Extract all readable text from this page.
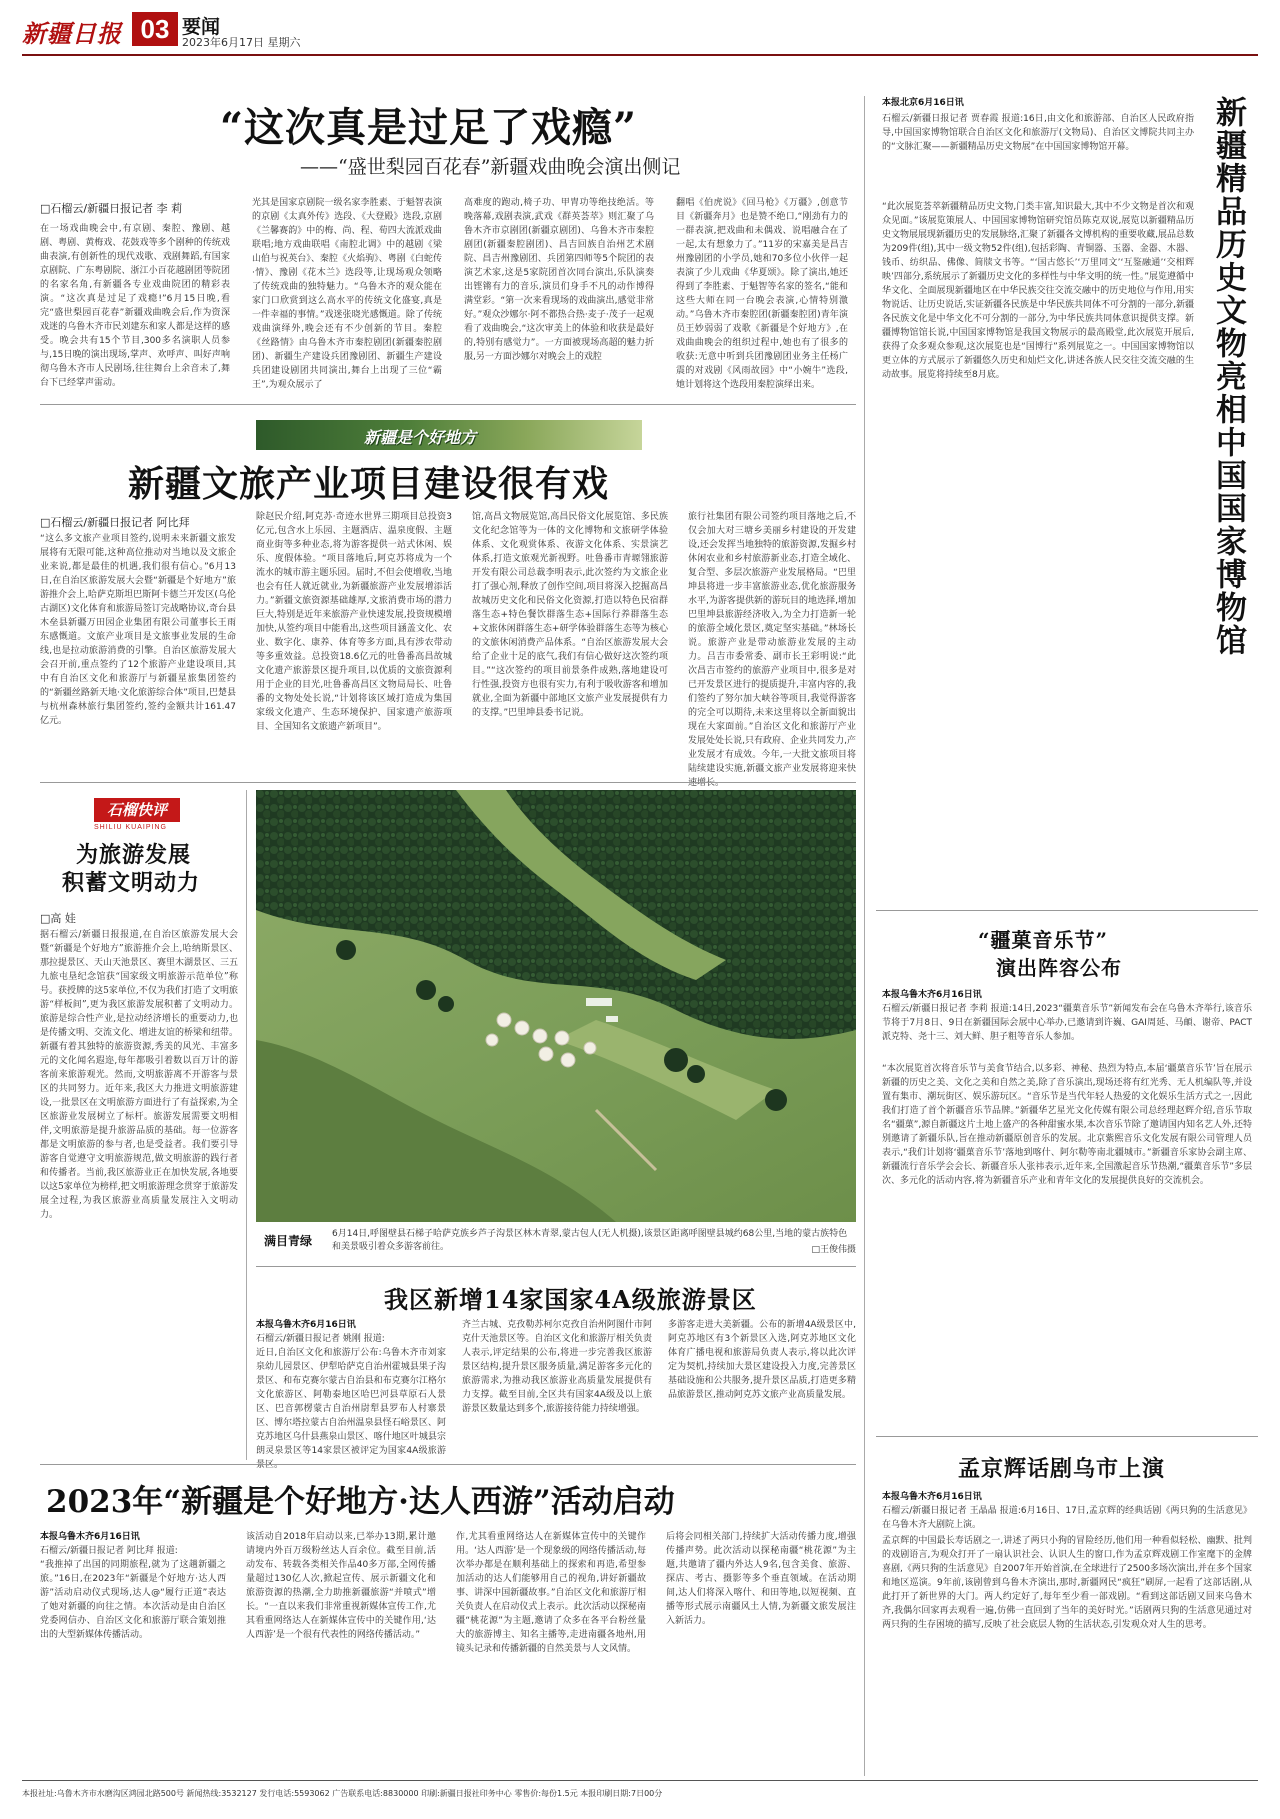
新疆日报 03 要闻
2023年6月17日 星期六
“这次真是过足了戏瘾”
——“盛世梨园百花春”新疆戏曲晚会演出侧记
□石榴云/新疆日报记者 李 莉
在一场戏曲晚会中,有京剧、秦腔、豫剧、越剧、粤剧、黄梅戏、花鼓戏等多个剧种的传统戏曲表演,有创新性的现代戏歌、戏剧舞蹈,有国家京剧院、广东粤剧院、浙江小百花越剧团等院团的名家名角,有新疆各专业戏曲院团的精彩表演。“这次真是过足了戏瘾!”6月15日晚,看完“盛世梨园百花春”新疆戏曲晚会后,作为资深戏迷的乌鲁木齐市民刘建东和家人都是这样的感受。晚会共有15个节目,300多名演职人员参与,15日晚的演出现场,掌声、欢呼声、叫好声响彻乌鲁木齐市人民剧场,往往舞台上余音未了,舞台下已经掌声雷动。
光其是国家京剧院一级名家李胜素、于魁智表演的京剧《太真外传》选段、《大登殿》选段,京剧《兰馨赛韵》中的梅、尚、程、荀四大流派戏曲联唱;地方戏曲联唱《南腔北调》中的越剧《梁山伯与祝英台》、秦腔《火焰驹》、粤剧《白蛇传·情》、豫剧《花木兰》选段等,让现场观众领略了传统戏曲的独特魅力。“乌鲁木齐的观众能在家门口欣赏到这么高水平的传统文化盛宴,真是一件幸福的事情。”戏迷张晓光感慨道。除了传统戏曲演绎外,晚会还有不少创新的节目。秦腔《丝路情》由乌鲁木齐市秦腔剧团(新疆秦腔剧团)、新疆生产建设兵团豫剧团、新疆生产建设兵团建设剧团共同演出,舞台上出现了三位“霸王”,为观众展示了
高难度的跑动,椅子功、甲胄功等绝技绝活。等晚落幕,戏剧表演,武戏《群英荟萃》则汇聚了乌鲁木齐市京剧团(新疆京剧团)、乌鲁木齐市秦腔剧团(新疆秦腔剧团)、昌吉回族自治州艺术剧院、昌吉州豫剧团、兵团第四师等5个院团的表演艺术家,这是5家院团首次同台演出,乐队演奏出铿锵有力的音乐,演员们身手不凡的动作博得满堂彩。“第一次来看现场的戏曲演出,感觉非常好。”观众沙娜尔·阿不都热合热·麦子·茂子一起观看了戏曲晚会,“这次审美上的体验和收获是最好的,特别有感觉力”。一方面被现场高超的魅力折服,另一方面沙娜尔对晚会上的戏腔
翻唱《伯虎说》《回马枪》《万疆》,创意节目《新疆奔月》也是赞不绝口,“刚劲有力的一群表演,把戏曲和未偶戏、说唱融合在了一起,太有想象力了。”11岁的宋嘉美是昌吉州豫剧团的小学员,她和70多位小伙伴一起表演了少儿戏曲《华夏颂》。除了演出,她还得到了李胜素、于魁智等名家的签名,“能和这些大师在同一台晚会表演,心情特别激动。”乌鲁木齐市秦腔团(新疆秦腔团)青年演员王妙弱弱了戏歌《新疆是个好地方》,在戏曲曲晚会的组织过程中,她也有了很多的收获:无意中听到兵团豫剧团业务主任杨广震的对戏剧《风雨故园》中“小婉牛”选段,她计划将这个选段用秦腔演绎出来。	新疆精品历史文物亮相中国国家博物馆
本报北京6月16日讯
石榴云/新疆日报记者 贾春霞 报道:16日,由文化和旅游部、自治区人民政府指导,中国国家博物馆联合自治区文化和旅游厅(文物局)、自治区文博院共同主办的“文脉汇聚——新疆精品历史文物展”在中国国家博物馆开幕。
“此次展览荟萃新疆精品历史文物,门类丰富,知识最大,其中不少文物是首次和观众见面。”该展览策展人、中国国家博物馆研究馆员陈克双说,展览以新疆精品历史文物展展现新疆历史的发展脉络,汇聚了新疆各文博机构的重要收藏,展品总数为209件(组),其中一级文物52件(组),包括彩陶、青铜器、玉器、金器、木器、钱币、纺织品、佛像、简牍文书等。“‘国古悠长’‘万里同文’‘互鉴融通’‘交相辉映’四部分,系统展示了新疆历史文化的多样性与中华文明的统一性。”展览遵循中华文化、全面展现新疆地区在中华民族交往交流交融中的历史地位与作用,用实物说话、让历史说话,实证新疆各民族是中华民族共同体不可分割的一部分,新疆各民族文化是中华文化不可分割的一部分,为中华民族共同体意识提供支撑。新疆博物馆馆长说,中国国家博物馆是我国文物展示的最高殿堂,此次展览开展后,获得了众多观众参观,这次展览也是“国博行”系列展览之一。中国国家博物馆以更立体的方式展示了新疆悠久历史和灿烂文化,讲述各族人民交往交流交融的生动故事。展览将持续至8月底。
新疆是个好地方
新疆文旅产业项目建设很有戏
□石榴云/新疆日报记者 阿比拜
“这么多文旅产业项目签约,说明未来新疆文旅发展将有无限可能,这种高位推动对当地以及文旅企业来说,都是最佳的机遇,我们很有信心。”6月13日,在自治区旅游发展大会暨“新疆是个好地方”旅游推介会上,哈萨克斯坦巴斯阿卡德兰开发区(乌伦古湖区)文化体育和旅游局签订完战略协议,奇台县木垒县新疆万田园企业集团有限公司董事长王雨东感慨道。文旅产业项目是文旅事业发展的生命线,也是拉动旅游消费的引擎。自治区旅游发展大会召开前,重点签约了12个旅游产业建设项目,其中有自治区文化和旅游厅与新疆星旅集团签约的“新疆丝路新天地·文化旅游综合体”项目,巴楚县与杭州森林旅行集团签约,签约金额共计161.47亿元。
除赵民介绍,阿克苏·奇迹水世界三期项目总投资3亿元,包含水上乐园、主题酒店、温泉度假、主题商业街等多种业态,将为游客提供一站式休闲、娱乐、度假体验。“项目落地后,阿克苏将成为一个流水的城市游主题乐园。届时,不但会使增收,当地也会有任人就近就业,为新疆旅游产业发展增添活力。”新疆文旅资源基础雄厚,文旅消费市场的潜力巨大,特别是近年来旅游产业快速发展,投资规模增加快,从签约项目中能看出,这些项目涵盖文化、农业、数字化、康养、体育等多方面,具有涉农带动等多重效益。总投资18.6亿元的吐鲁番高昌故城文化遗产旅游景区提升项目,以优质的文旅资源利用于企业的目光,吐鲁番高昌区文物局局长、吐鲁番的文物处处长说,“计划将该区域打造成为集国家级文化遗产、生态环境保护、国家遗产旅游项目、全国知名文旅遗产新项目”。
馆,高昌文物展览馆,高昌民俗文化展览馆、多民族文化纪念馆等为一体的文化博物和文旅研学体验体系、文化观赏体系、夜游文化体系、实景演艺体系,打造文旅观光新视野。吐鲁番市青塬翎旅游开发有限公司总裁李明表示,此次签约为文旅企业打了强心剂,释放了创作空间,项目将深入挖掘高昌故城历史文化和民俗文化资源,打造以特色民宿群落生态+特色餐饮群落生态+国际行养群落生态+文旅休闲群落生态+研学体验群落生态等为核心的文旅休闲消费产品体系。“自治区旅游发展大会给了企业十足的底气,我们有信心做好这次签约项目。”“这次签约的项目前景条件成熟,落地建设可行性强,投资方也很有实力,有利于吸收游客和增加就业,全面为新疆中部地区文旅产业发展提供有力的支撑。”巴里坤县委书记说。
旅行社集团有限公司签约项目落地之后,不仅会加大对三塘乡美丽乡村建设的开发建设,还会发挥当地独特的旅游资源,发掘乡村休闲农业和乡村旅游新业态,打造全域化、复合型、多层次旅游产业发展格局。“巴里坤县将进一步丰富旅游业态,优化旅游服务水平,为游客提供新的游玩目的地选择,增加巴里坤县旅游经济收入,为全力打造新一轮的旅游全域化景区,奠定坚实基础。”林场长说。旅游产业是带动旅游业发展的主动力。吕吉市委常委、副市长王彩明说:“此次昌吉市签约的旅游产业项目中,很多是对已开发景区进行的提质提升,丰富内容的,我们签约了努尔加大峡谷等项目,我觉得游客的完全可以期待,未来这里将以全新面貌出现在大家面前。”自治区文化和旅游厅产业发展处处长说,只有政府、企业共同发力,产业发展才有成效。今年,一大批文旅项目将陆续建设实施,新疆文旅产业发展将迎来快速增长。
石榴快评
SHILIU KUAIPING
为旅游发展
积蓄文明动力
□高 娃
据石榴云/新疆日报报道,在自治区旅游发展大会暨“新疆是个好地方”旅游推介会上,哈纳斯景区、那拉提景区、天山天池景区、赛里木湖景区、三五九旅屯垦纪念馆获“国家级文明旅游示范单位”称号。获授牌的这5家单位,不仅为我们打造了文明旅游“样板间”,更为我区旅游发展积蓄了文明动力。旅游是综合性产业,是拉动经济增长的重要动力,也是传播文明、交流文化、增进友谊的桥梁和纽带。新疆有着其独特的旅游资源,秀美的风光、丰富多元的文化闻名遐迩,每年都吸引着数以百万计的游客前来旅游观光。然而,文明旅游离不开游客与景区的共同努力。近年来,我区大力推进文明旅游建设,一批景区在文明旅游方面进行了有益探索,为全区旅游业发展树立了标杆。旅游发展需要文明相伴,文明旅游是提升旅游品质的基础。每一位游客都是文明旅游的参与者,也是受益者。我们要引导游客自觉遵守文明旅游规范,做文明旅游的践行者和传播者。当前,我区旅游业正在加快发展,各地要以这5家单位为榜样,把文明旅游理念贯穿于旅游发展全过程,为我区旅游业高质量发展注入文明动力。
满目青绿 6月14日,呼图壁县石梯子哈萨克族乡芦子沟景区林木青翠,蒙古包人(无人机摄),该景区距离呼图壁县城约68公里,当地的蒙古族特色和美景吸引着众多游客前往。	□王俊伟摄
我区新增14家国家4A级旅游景区
本报乌鲁木齐6月16日讯
石榴云/新疆日报记者 姚刚 报道:
近日,自治区文化和旅游厅公布:乌鲁木齐市刘家泉幼儿园景区、伊犁哈萨克自治州霍城县果子沟景区、和布克赛尔蒙古自治县和布克赛尔江格尔文化旅游区、阿勒泰地区哈巴河县草原石人景区、巴音郭楞蒙古自治州尉犁县罗布人村寨景区、博尔塔拉蒙古自治州温泉县怪石峪景区、阿克苏地区乌什县燕泉山景区、喀什地区叶城县宗朗灵泉景区等14家景区被评定为国家4A级旅游景区。
齐兰古城、克孜勒苏柯尔克孜自治州阿图什市阿克什天池景区等。自治区文化和旅游厅相关负责人表示,评定结果的公布,将进一步完善我区旅游景区结构,提升景区服务质量,满足游客多元化的旅游需求,为推动我区旅游业高质量发展提供有力支撑。截至目前,全区共有国家4A级及以上旅游景区数量达到多个,旅游接待能力持续增强。
多游客走进大美新疆。公布的新增4A级景区中,阿克苏地区有3个新景区入选,阿克苏地区文化体育广播电视和旅游局负责人表示,将以此次评定为契机,持续加大景区建设投入力度,完善景区基础设施和公共服务,提升景区品质,打造更多精品旅游景区,推动阿克苏文旅产业高质量发展。
2023年“新疆是个好地方·达人西游”活动启动
本报乌鲁木齐6月16日讯
石榴云/新疆日报记者 阿比拜 报道:
“我推掉了出国的同期旅程,就为了这趟新疆之旅。”16日,在2023年“新疆是个好地方·达人西游”活动启动仪式现场,达人@“履行正道”表达了她对新疆的向往之情。本次活动是由自治区党委网信办、自治区文化和旅游厅联合策划推出的大型新媒体传播活动。
该活动自2018年启动以来,已举办13期,累计邀请境内外百万级粉丝达人百余位。截至目前,活动发布、转载各类相关作品40多万部,全网传播量超过130亿人次,掀起宣传、展示新疆文化和旅游资源的热潮,全力助推新疆旅游“并喷式”增长。“一直以来我们非常重视新媒体宣传工作,尤其看重网络达人在新媒体宣传中的关键作用,‘达人西游’是一个很有代表性的网络传播活动。”
作,尤其看重网络达人在新媒体宣传中的关键作用。‘达人西游’是一个现象级的网络传播活动,每次举办都是在顺利基础上的探索和再造,希望参加活动的达人们能够用自己的视角,讲好新疆故事、讲深中国新疆故事。”自治区文化和旅游厅相关负责人在启动仪式上表示。此次活动以探秘南疆“桃花源”为主题,邀请了众多在各平台粉丝量大的旅游博主、知名主播等,走进南疆各地州,用镜头记录和传播新疆的自然美景与人文风情。
后将会同相关部门,持续扩大活动传播力度,增强传播声势。此次活动以探秘南疆“桃花源”为主题,共邀请了疆内外达人9名,包含美食、旅游、探店、考古、摄影等多个垂直领域。在活动期间,达人们将深入喀什、和田等地,以短视频、直播等形式展示南疆风土人情,为新疆文旅发展注入新活力。
“疆菓音乐节”
演出阵容公布
本报乌鲁木齐6月16日讯
石榴云/新疆日报记者 李莉 报道:14日,2023“疆菓音乐节”新闻发布会在乌鲁木齐举行,该音乐节将于7月8日、9日在新疆国际会展中心举办,已邀请到许巍、GAI周延、马頔、谢帝、PACT派克特、尧十三、刘大鲜、胆子粗等音乐人参加。
“本次展览首次将音乐节与美食节结合,以多彩、神秘、热烈为特点,本届‘疆菓音乐节’旨在展示新疆的历史之美、文化之美和自然之美,除了音乐演出,现场还将有红光秀、无人机编队等,并设置有集市、潮玩街区、娱乐游玩区。“音乐节是当代年轻人热爱的文化娱乐生活方式之一,因此我们打造了首个新疆音乐节品牌。”新疆华艺星光文化传媒有限公司总经理赵辉介绍,音乐节取名“疆菓”,源自新疆这片土地上盛产的各种甜蜜水果,本次音乐节除了邀请国内知名艺人外,还特别邀请了新疆乐队,旨在推动新疆原创音乐的发展。北京紫熙音乐文化发展有限公司管理人员表示,“我们计划将‘疆菓音乐节’落地到喀什、阿尔勒等南北疆城市。”新疆音乐家协会副主席、新疆流行音乐学会会长、新疆音乐人张祎表示,近年来,全国激起音乐节热潮,“疆菓音乐节”多层次、多元化的活动内容,将为新疆音乐产业和青年文化的发展提供良好的交流机会。
孟京辉话剧乌市上演
本报乌鲁木齐6月16日讯
石榴云/新疆日报记者 王晶晶 报道:6月16日、17日,孟京辉的经典话剧《两只狗的生活意见》在乌鲁木齐大剧院上演。
孟京辉的中国最长寿话剧之一,讲述了两只小狗的冒险经历,他们用一种看似轻松、幽默、批判的戏剧语言,为观众打开了一扇认识社会、认识人生的窗口,作为孟京辉戏剧工作室麾下的金牌喜剧,《两只狗的生活意见》自2007年开始首演,在全球进行了2500多场次演出,并在多个国家和地区巡演。9年前,该剧曾到乌鲁木齐演出,那时,新疆网民“疯狂”刷屏,一起看了这部话剧,从此打开了新世界的大门。两人约定好了,每年至少看一部戏剧。“看到这部话剧又回来乌鲁木齐,我偶尔回家再去观看一遍,仿佛一直回到了当年的美好时光。”话剧两只狗的生活意见通过对两只狗的生存困境的描写,反映了社会底层人物的生活状态,引发观众对人生的思考。
本报社址:乌鲁木齐市水磨沟区鸿园北路500号 新闻热线:3532127 发行电话:5593062 广告联系电话:8830000 印刷:新疆日报社印务中心 零售价:每份1.5元 本报印刷日期:7日00分
